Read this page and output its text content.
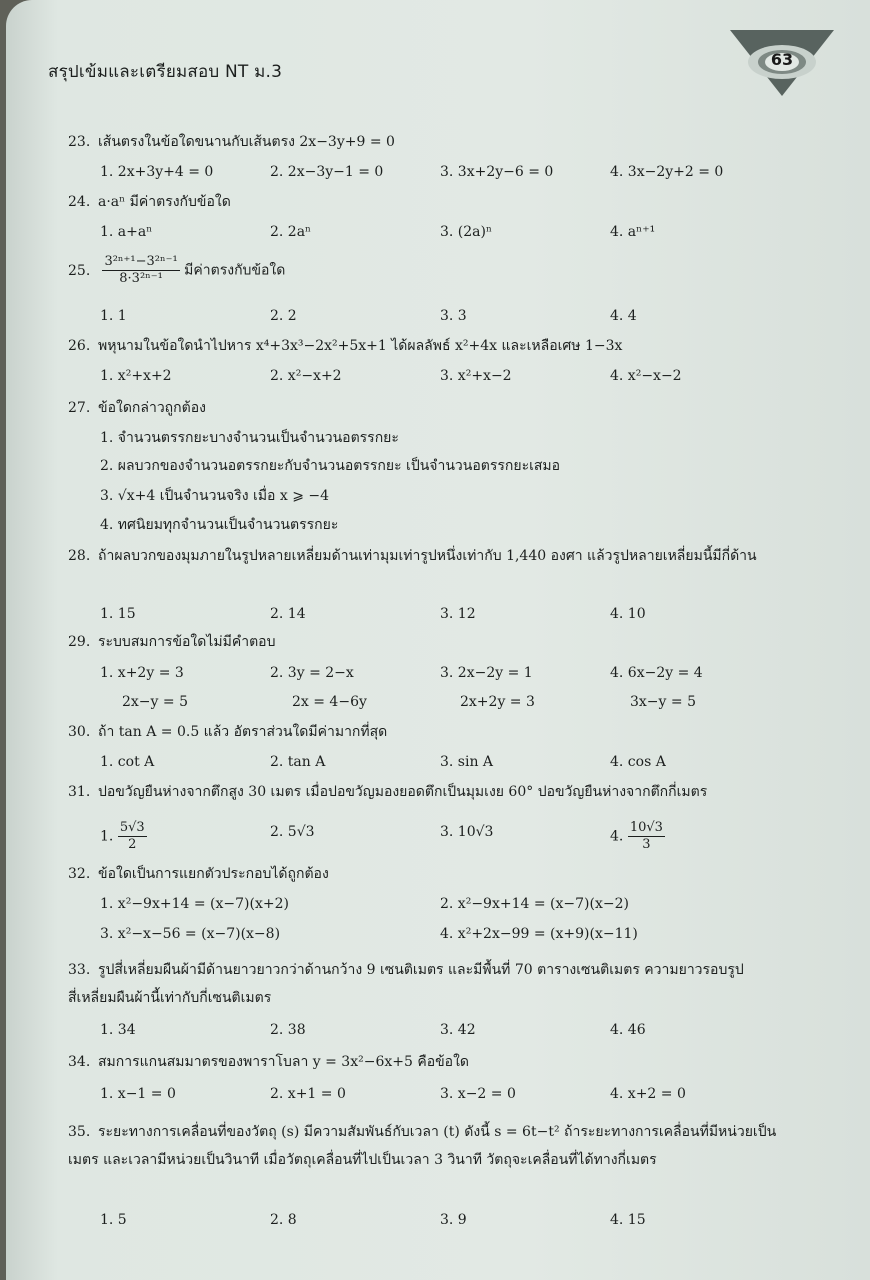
สรุปเข้มและเตรียมสอบ NT ม.3
63
23. เส้นตรงในข้อใดขนานกับเส้นตรง 2x−3y+9 = 0
1. 2x+3y+4 = 0	2. 2x−3y−1 = 0	3. 3x+2y−6 = 0	4. 3x−2y+2 = 0
24. a·aⁿ มีค่าตรงกับข้อใด
1. a+aⁿ	2. 2aⁿ	3. (2a)ⁿ	4. aⁿ⁺¹
25. $\frac{\text{3²ⁿ⁺¹−3²ⁿ⁻¹}}{\text{8·3²ⁿ⁻¹}}$ มีค่าตรงกับข้อใด
1. 1	2. 2	3. 3	4. 4
26. พหุนามในข้อใดนำไปหาร x⁴+3x³−2x²+5x+1 ได้ผลลัพธ์ x²+4x และเหลือเศษ 1−3x
1. x²+x+2	2. x²−x+2	3. x²+x−2	4. x²−x−2
27. ข้อใดกล่าวถูกต้อง
1. จำนวนตรรกยะบางจำนวนเป็นจำนวนอตรรกยะ
2. ผลบวกของจำนวนอตรรกยะกับจำนวนอตรรกยะ เป็นจำนวนอตรรกยะเสมอ
3. √x+4 เป็นจำนวนจริง เมื่อ x ⩾ −4
4. ทศนิยมทุกจำนวนเป็นจำนวนตรรกยะ
28. ถ้าผลบวกของมุมภายในรูปหลายเหลี่ยมด้านเท่ามุมเท่ารูปหนึ่งเท่ากับ 1,440 องศา แล้วรูปหลายเหลี่ยมนี้มีกี่ด้าน
1. 15	2. 14	3. 12	4. 10
29. ระบบสมการข้อใดไม่มีคำตอบ
1. x+2y = 3	2. 3y = 2−x	3. 2x−2y = 1	4. 6x−2y = 4
2x−y = 5	2x = 4−6y	2x+2y = 3	3x−y = 5
30. ถ้า tan A = 0.5 แล้ว อัตราส่วนใดมีค่ามากที่สุด
1. cot A	2. tan A	3. sin A	4. cos A
31. ปอขวัญยืนห่างจากตึกสูง 30 เมตร เมื่อปอขวัญมองยอดตึกเป็นมุมเงย 60° ปอขวัญยืนห่างจากตึกกี่เมตร
1. $\frac{5√3}{2}$	2. 5√3	3. 10√3	4. $\frac{10√3}{3}$
32. ข้อใดเป็นการแยกตัวประกอบได้ถูกต้อง
1. x²−9x+14 = (x−7)(x+2)	2. x²−9x+14 = (x−7)(x−2)
3. x²−x−56 = (x−7)(x−8)	4. x²+2x−99 = (x+9)(x−11)
33. รูปสี่เหลี่ยมผืนผ้ามีด้านยาวยาวกว่าด้านกว้าง 9 เซนติเมตร และมีพื้นที่ 70 ตารางเซนติเมตร ความยาวรอบรูปสี่เหลี่ยมผืนผ้านี้เท่ากับกี่เซนติเมตร
1. 34	2. 38	3. 42	4. 46
34. สมการแกนสมมาตรของพาราโบลา y = 3x²−6x+5 คือข้อใด
1. x−1 = 0	2. x+1 = 0	3. x−2 = 0	4. x+2 = 0
35. ระยะทางการเคลื่อนที่ของวัตถุ (s) มีความสัมพันธ์กับเวลา (t) ดังนี้ s = 6t−t² ถ้าระยะทางการเคลื่อนที่มีหน่วยเป็นเมตร และเวลามีหน่วยเป็นวินาที เมื่อวัตถุเคลื่อนที่ไปเป็นเวลา 3 วินาที วัตถุจะเคลื่อนที่ได้ทางกี่เมตร
1. 5	2. 8	3. 9	4. 15
